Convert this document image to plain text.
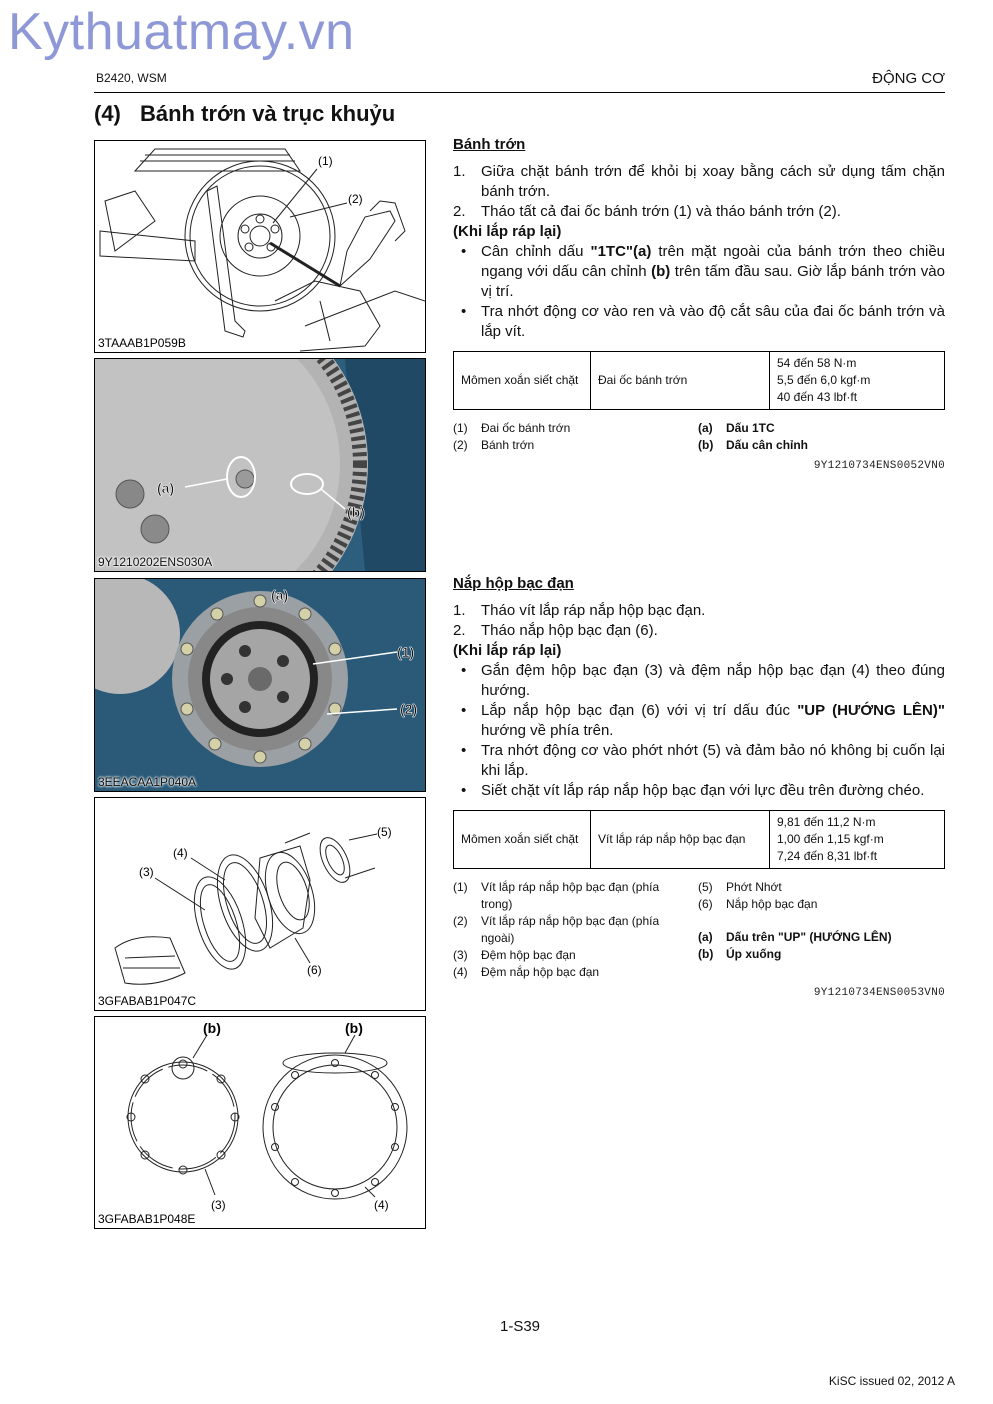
Kythuatmay.vn
B2420, WSM	ĐỘNG CƠ
(4) Bánh trớn và trục khuỷu
(1)
(2)
3TAAAB1P059B
(a)
(b)
9Y1210202ENS030A
(a)
(1)
(2)
3EEACAA1P040A
(5)
(4)
(3)
(6)
3GFABAB1P047C
(b)	(b)
(3)	(4)
3GFABAB1P048E
Bánh trớn
1.	Giữa chặt bánh trớn để khỏi bị xoay bằng cách sử dụng tấm chặn bánh trớn.
2.	Tháo tất cả đai ốc bánh trớn (1) và tháo bánh trớn (2).
(Khi lắp ráp lại)
• Cân chỉnh dấu "1TC"(a) trên mặt ngoài của bánh trớn theo chiều ngang với dấu cân chỉnh (b) trên tấm đầu sau. Giờ lắp bánh trớn vào vị trí.
• Tra nhớt động cơ vào ren và vào độ cắt sâu của đai ốc bánh trớn và lắp vít.
Mômen xoắn siết chặt	Đai ốc bánh trớn	
54 đến 58 N·m
5,5 đến 6,0 kgf·m
40 đến 43 lbf·ft
(1)	Đai ốc bánh trớn
(2)	Bánh trớn
(a)	Dấu 1TC
(b)	Dấu cân chỉnh
9Y1210734ENS0052VN0
Nắp hộp bạc đạn
1.	Tháo vít lắp ráp nắp hộp bạc đạn.
2.	Tháo nắp hộp bạc đạn (6).
(Khi lắp ráp lại)
• Gắn đệm hộp bạc đạn (3) và đệm nắp hộp bạc đạn (4) theo đúng hướng.
• Lắp nắp hộp bạc đạn (6) với vị trí dấu đúc "UP (HƯỚNG LÊN)" hướng về phía trên.
• Tra nhớt động cơ vào phớt nhớt (5) và đảm bảo nó không bị cuốn lại khi lắp.
• Siết chặt vít lắp ráp nắp hộp bạc đạn với lực đều trên đường chéo.
Mômen xoắn siết chặt	Vít lắp ráp nắp hộp bạc đạn	
9,81 đến 11,2 N·m
1,00 đến 1,15 kgf·m
7,24 đến 8,31 lbf·ft
(1)	Vít lắp ráp nắp hộp bạc đạn (phía trong)
(2)	Vít lắp ráp nắp hộp bạc đạn (phía ngoài)
(3)	Đệm hộp bạc đạn
(4)	Đệm nắp hộp bạc đạn
(5)	Phớt Nhớt
(6)	Nắp hộp bạc đạn
(a)	Dấu trên "UP" (HƯỚNG LÊN)
(b)	Úp xuống
9Y1210734ENS0053VN0
1-S39
KiSC issued 02, 2012 A
